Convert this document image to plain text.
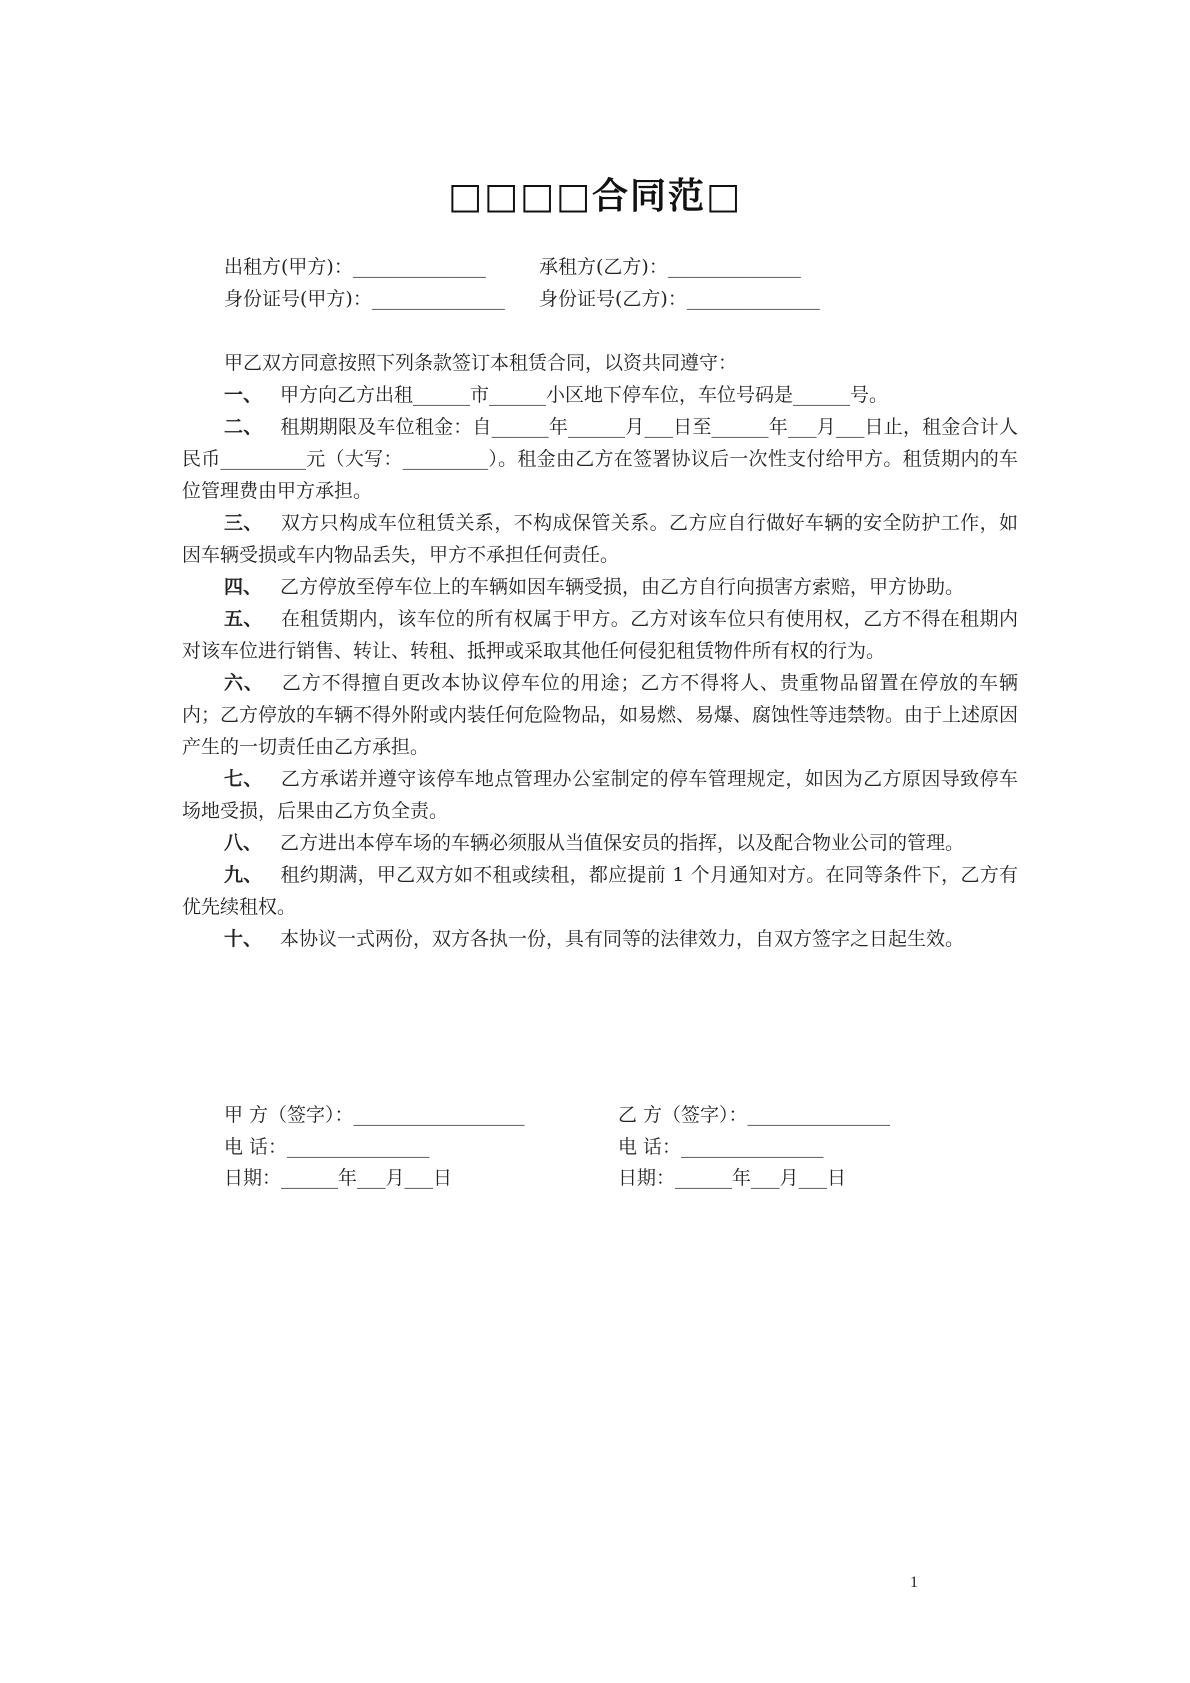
□□□□合同范□
出租方(甲方)：______________	承租方(乙方)：______________
身份证号(甲方)：______________ 身份证号(乙方)：______________

甲乙双方同意按照下列条款签订本租赁合同，以资共同遵守：

一、 甲方向乙方出租______市______小区地下停车位，车位号码是______号。

二、 租期期限及车位租金：自______年______月___日至______年___月___日止，租金合计人民币_________元（大写：_________）。租金由乙方在签署协议后一次性支付给甲方。租赁期内的车位管理费由甲方承担。

三、 双方只构成车位租赁关系，不构成保管关系。乙方应自行做好车辆的安全防护工作，如因车辆受损或车内物品丢失，甲方不承担任何责任。

四、 乙方停放至停车位上的车辆如因车辆受损，由乙方自行向损害方索赔，甲方协助。

五、 在租赁期内，该车位的所有权属于甲方。乙方对该车位只有使用权，乙方不得在租期内对该车位进行销售、转让、转租、抵押或采取其他任何侵犯租赁物件所有权的行为。

六、 乙方不得擅自更改本协议停车位的用途；乙方不得将人、贵重物品留置在停放的车辆内；乙方停放的车辆不得外附或内装任何危险物品，如易燃、易爆、腐蚀性等违禁物。由于上述原因产生的一切责任由乙方承担。

七、 乙方承诺并遵守该停车地点管理办公室制定的停车管理规定，如因为乙方原因导致停车场地受损，后果由乙方负全责。

八、 乙方进出本停车场的车辆必须服从当值保安员的指挥，以及配合物业公司的管理。

九、 租约期满，甲乙双方如不租或续租，都应提前 1 个月通知对方。在同等条件下，乙方有优先续租权。

十、 本协议一式两份，双方各执一份，具有同等的法律效力，自双方签字之日起生效。

甲 方（签字）：__________________	乙 方（签字）：_______________
电 话：_______________	电 话：_______________
日期：______年___月___日	日期：______年___月___日
1
